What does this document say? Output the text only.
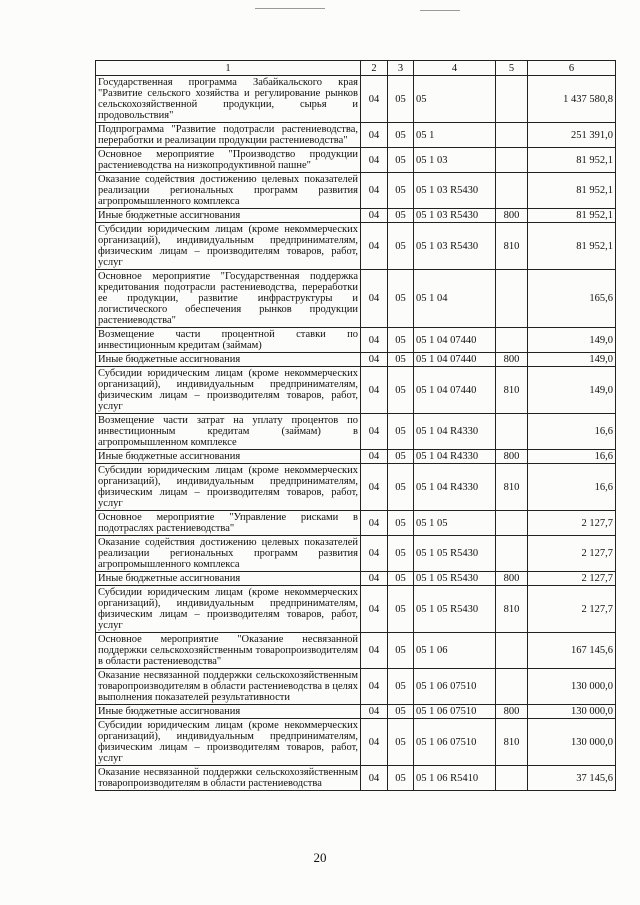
1	2	3	4	5	6
Государственная программа Забайкальского края "Развитие сельского хозяйства и регулирование рынков сельскохозяйственной продукции, сырья и продовольствия"	04	05	05		1 437 580,8
Подпрограмма "Развитие подотрасли растениеводства, переработки и реализации продукции растениеводства"	04	05	05 1		251 391,0
Основное мероприятие "Производство продукции растениеводства на низкопродуктивной пашне"	04	05	05 1 03		81 952,1
Оказание содействия достижению целевых показателей реализации региональных программ развития агропромышленного комплекса	04	05	05 1 03 R5430		81 952,1
Иные бюджетные ассигнования	04	05	05 1 03 R5430	800	81 952,1
Субсидии юридическим лицам (кроме некоммерческих организаций), индивидуальным предпринимателям, физическим лицам – производителям товаров, работ, услуг	04	05	05 1 03 R5430	810	81 952,1
Основное мероприятие "Государственная поддержка кредитования подотрасли растениеводства, переработки ее продукции, развитие инфраструктуры и логистического обеспечения рынков продукции растениеводства"	04	05	05 1 04		165,6
Возмещение части процентной ставки по инвестиционным кредитам (займам)	04	05	05 1 04 07440		149,0
Иные бюджетные ассигнования	04	05	05 1 04 07440	800	149,0
Субсидии юридическим лицам (кроме некоммерческих организаций), индивидуальным предпринимателям, физическим лицам – производителям товаров, работ, услуг	04	05	05 1 04 07440	810	149,0
Возмещение части затрат на уплату процентов по инвестиционным кредитам (займам) в агропромышленном комплексе	04	05	05 1 04 R4330		16,6
Иные бюджетные ассигнования	04	05	05 1 04 R4330	800	16,6
Субсидии юридическим лицам (кроме некоммерческих организаций), индивидуальным предпринимателям, физическим лицам – производителям товаров, работ, услуг	04	05	05 1 04 R4330	810	16,6
Основное мероприятие "Управление рисками в подотраслях растениеводства"	04	05	05 1 05		2 127,7
Оказание содействия достижению целевых показателей реализации региональных программ развития агропромышленного комплекса	04	05	05 1 05 R5430		2 127,7
Иные бюджетные ассигнования	04	05	05 1 05 R5430	800	2 127,7
Субсидии юридическим лицам (кроме некоммерческих организаций), индивидуальным предпринимателям, физическим лицам – производителям товаров, работ, услуг	04	05	05 1 05 R5430	810	2 127,7
Основное мероприятие "Оказание несвязанной поддержки сельскохозяйственным товаропроизводителям в области растениеводства"	04	05	05 1 06		167 145,6
Оказание несвязанной поддержки сельскохозяйственным товаропроизводителям в области растениеводства в целях выполнения показателей результативности	04	05	05 1 06 07510		130 000,0
Иные бюджетные ассигнования	04	05	05 1 06 07510	800	130 000,0
Субсидии юридическим лицам (кроме некоммерческих организаций), индивидуальным предпринимателям, физическим лицам – производителям товаров, работ, услуг	04	05	05 1 06 07510	810	130 000,0
Оказание несвязанной поддержки сельскохозяйственным товаропроизводителям в области растениеводства	04	05	05 1 06 R5410		37 145,6
20
